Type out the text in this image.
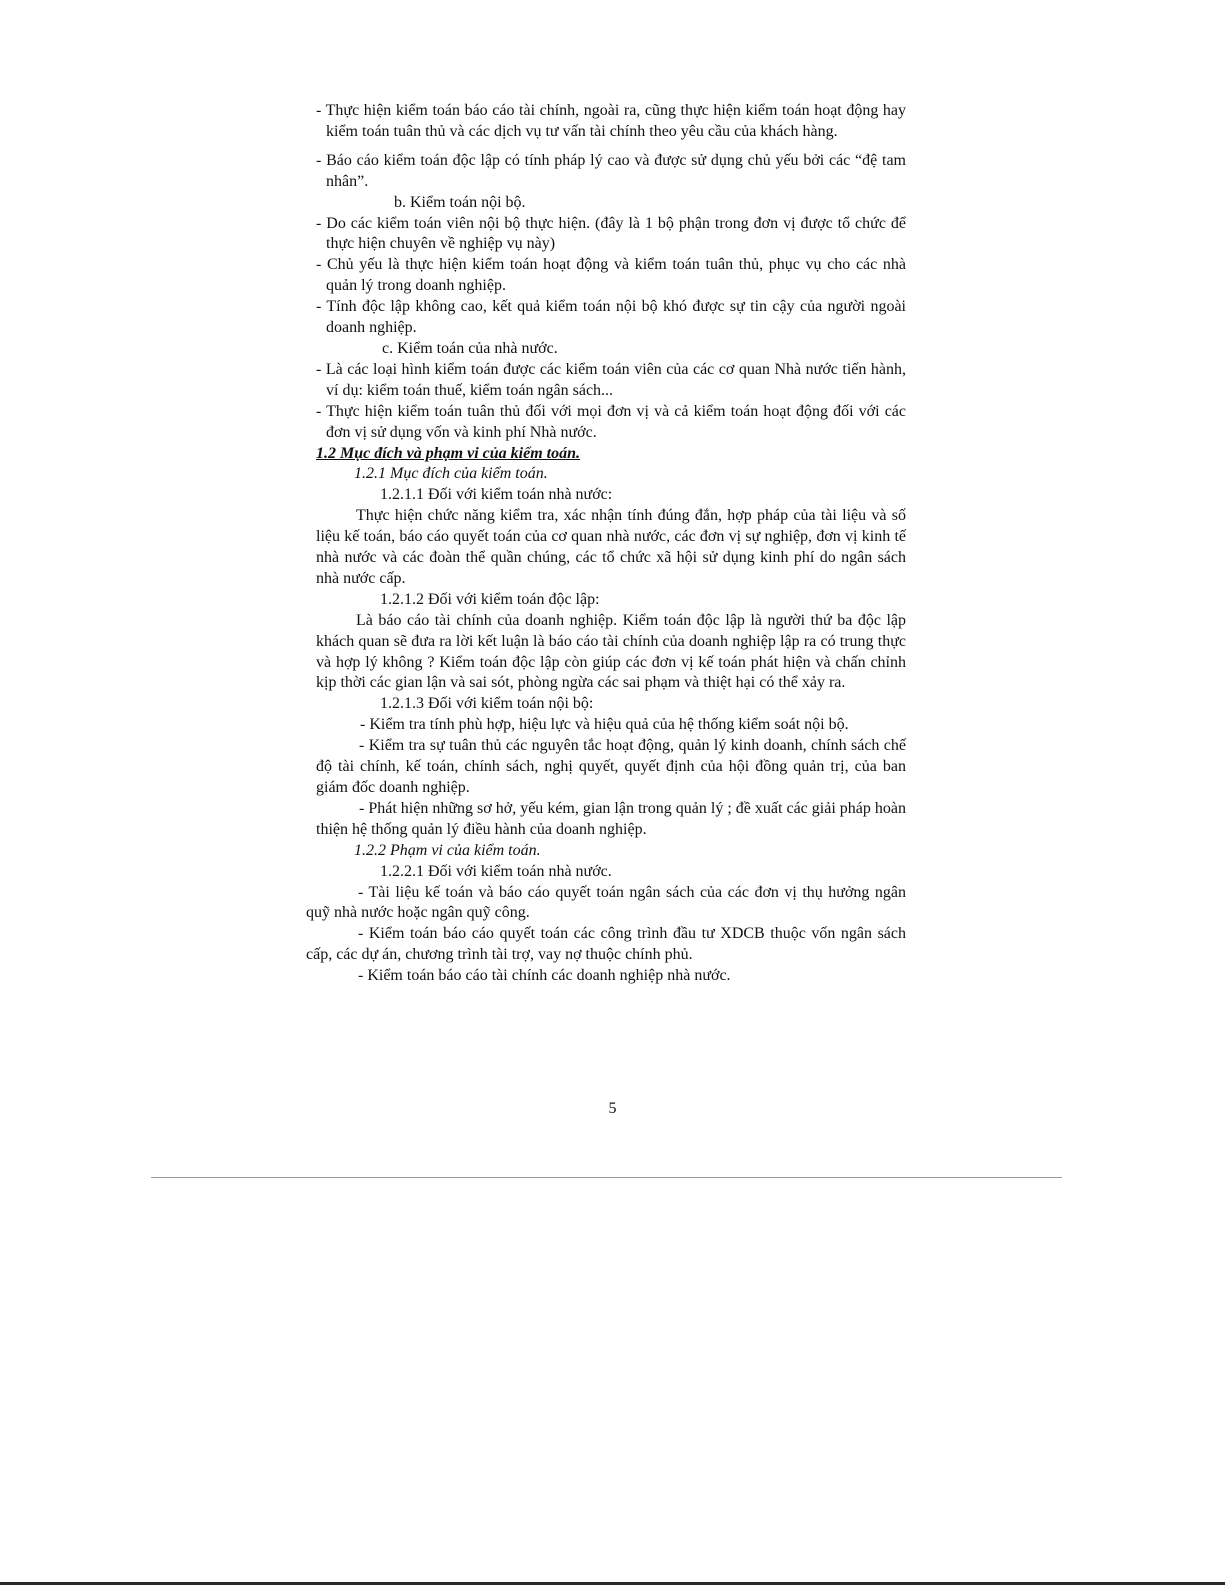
- Thực hiện kiểm toán báo cáo tài chính, ngoài ra, cũng thực hiện kiểm toán hoạt động hay kiểm toán tuân thủ và các dịch vụ tư vấn tài chính theo yêu cầu của khách hàng.

- Báo cáo kiểm toán độc lập có tính pháp lý cao và được sử dụng chủ yếu bởi các “đệ tam nhân”.

b. Kiểm toán nội bộ.

- Do các kiểm toán viên nội bộ thực hiện. (đây là 1 bộ phận trong đơn vị được tổ chức để thực hiện chuyên về nghiệp vụ này)

- Chủ yếu là thực hiện kiểm toán hoạt động và kiểm toán tuân thủ, phục vụ cho các nhà quản lý trong doanh nghiệp.

- Tính độc lập không cao, kết quả kiểm toán nội bộ khó được sự tin cậy của người ngoài doanh nghiệp.

c. Kiểm toán của nhà nước.

- Là các loại hình kiểm toán được các kiểm toán viên của các cơ quan Nhà nước tiến hành, ví dụ: kiểm toán thuế, kiểm toán ngân sách...

- Thực hiện kiểm toán tuân thủ đối với mọi đơn vị và cả kiểm toán hoạt động đối với các đơn vị sử dụng vốn và kinh phí Nhà nước.

1.2 Mục đích và phạm vi của kiểm toán.

1.2.1 Mục đích của kiểm toán.

1.2.1.1 Đối với kiểm toán nhà nước:

Thực hiện chức năng kiểm tra, xác nhận tính đúng đắn, hợp pháp của tài liệu và số liệu kế toán, báo cáo quyết toán của cơ quan nhà nước, các đơn vị sự nghiệp, đơn vị kinh tế nhà nước và các đoàn thể quần chúng, các tổ chức xã hội sử dụng kinh phí do ngân sách nhà nước cấp.

1.2.1.2 Đối với kiểm toán độc lập:

Là báo cáo tài chính của doanh nghiệp. Kiểm toán độc lập là người thứ ba độc lập khách quan sẽ đưa ra lời kết luận là báo cáo tài chính của doanh nghiệp lập ra có trung thực và hợp lý không ? Kiểm toán độc lập còn giúp các đơn vị kế toán phát hiện và chấn chỉnh kịp thời các gian lận và sai sót, phòng ngừa các sai phạm và thiệt hại có thể xảy ra.

1.2.1.3 Đối với kiểm toán nội bộ:

- Kiểm tra tính phù hợp, hiệu lực và hiệu quả của hệ thống kiểm soát nội bộ.

- Kiểm tra sự tuân thủ các nguyên tắc hoạt động, quản lý kinh doanh, chính sách chế độ tài chính, kế toán, chính sách, nghị quyết, quyết định của hội đồng quản trị, của ban giám đốc doanh nghiệp.

- Phát hiện những sơ hở, yếu kém, gian lận trong quản lý ; đề xuất các giải pháp hoàn thiện hệ thống quản lý điều hành của doanh nghiệp.

1.2.2 Phạm vi của kiểm toán.

1.2.2.1 Đối với kiểm toán nhà nước.

- Tài liệu kế toán và báo cáo quyết toán ngân sách của các đơn vị thụ hưởng ngân quỹ nhà nước hoặc ngân quỹ công.

- Kiểm toán báo cáo quyết toán các công trình đầu tư XDCB thuộc vốn ngân sách cấp, các dự án, chương trình tài trợ, vay nợ thuộc chính phủ.

- Kiểm toán báo cáo tài chính các doanh nghiệp nhà nước.

5
